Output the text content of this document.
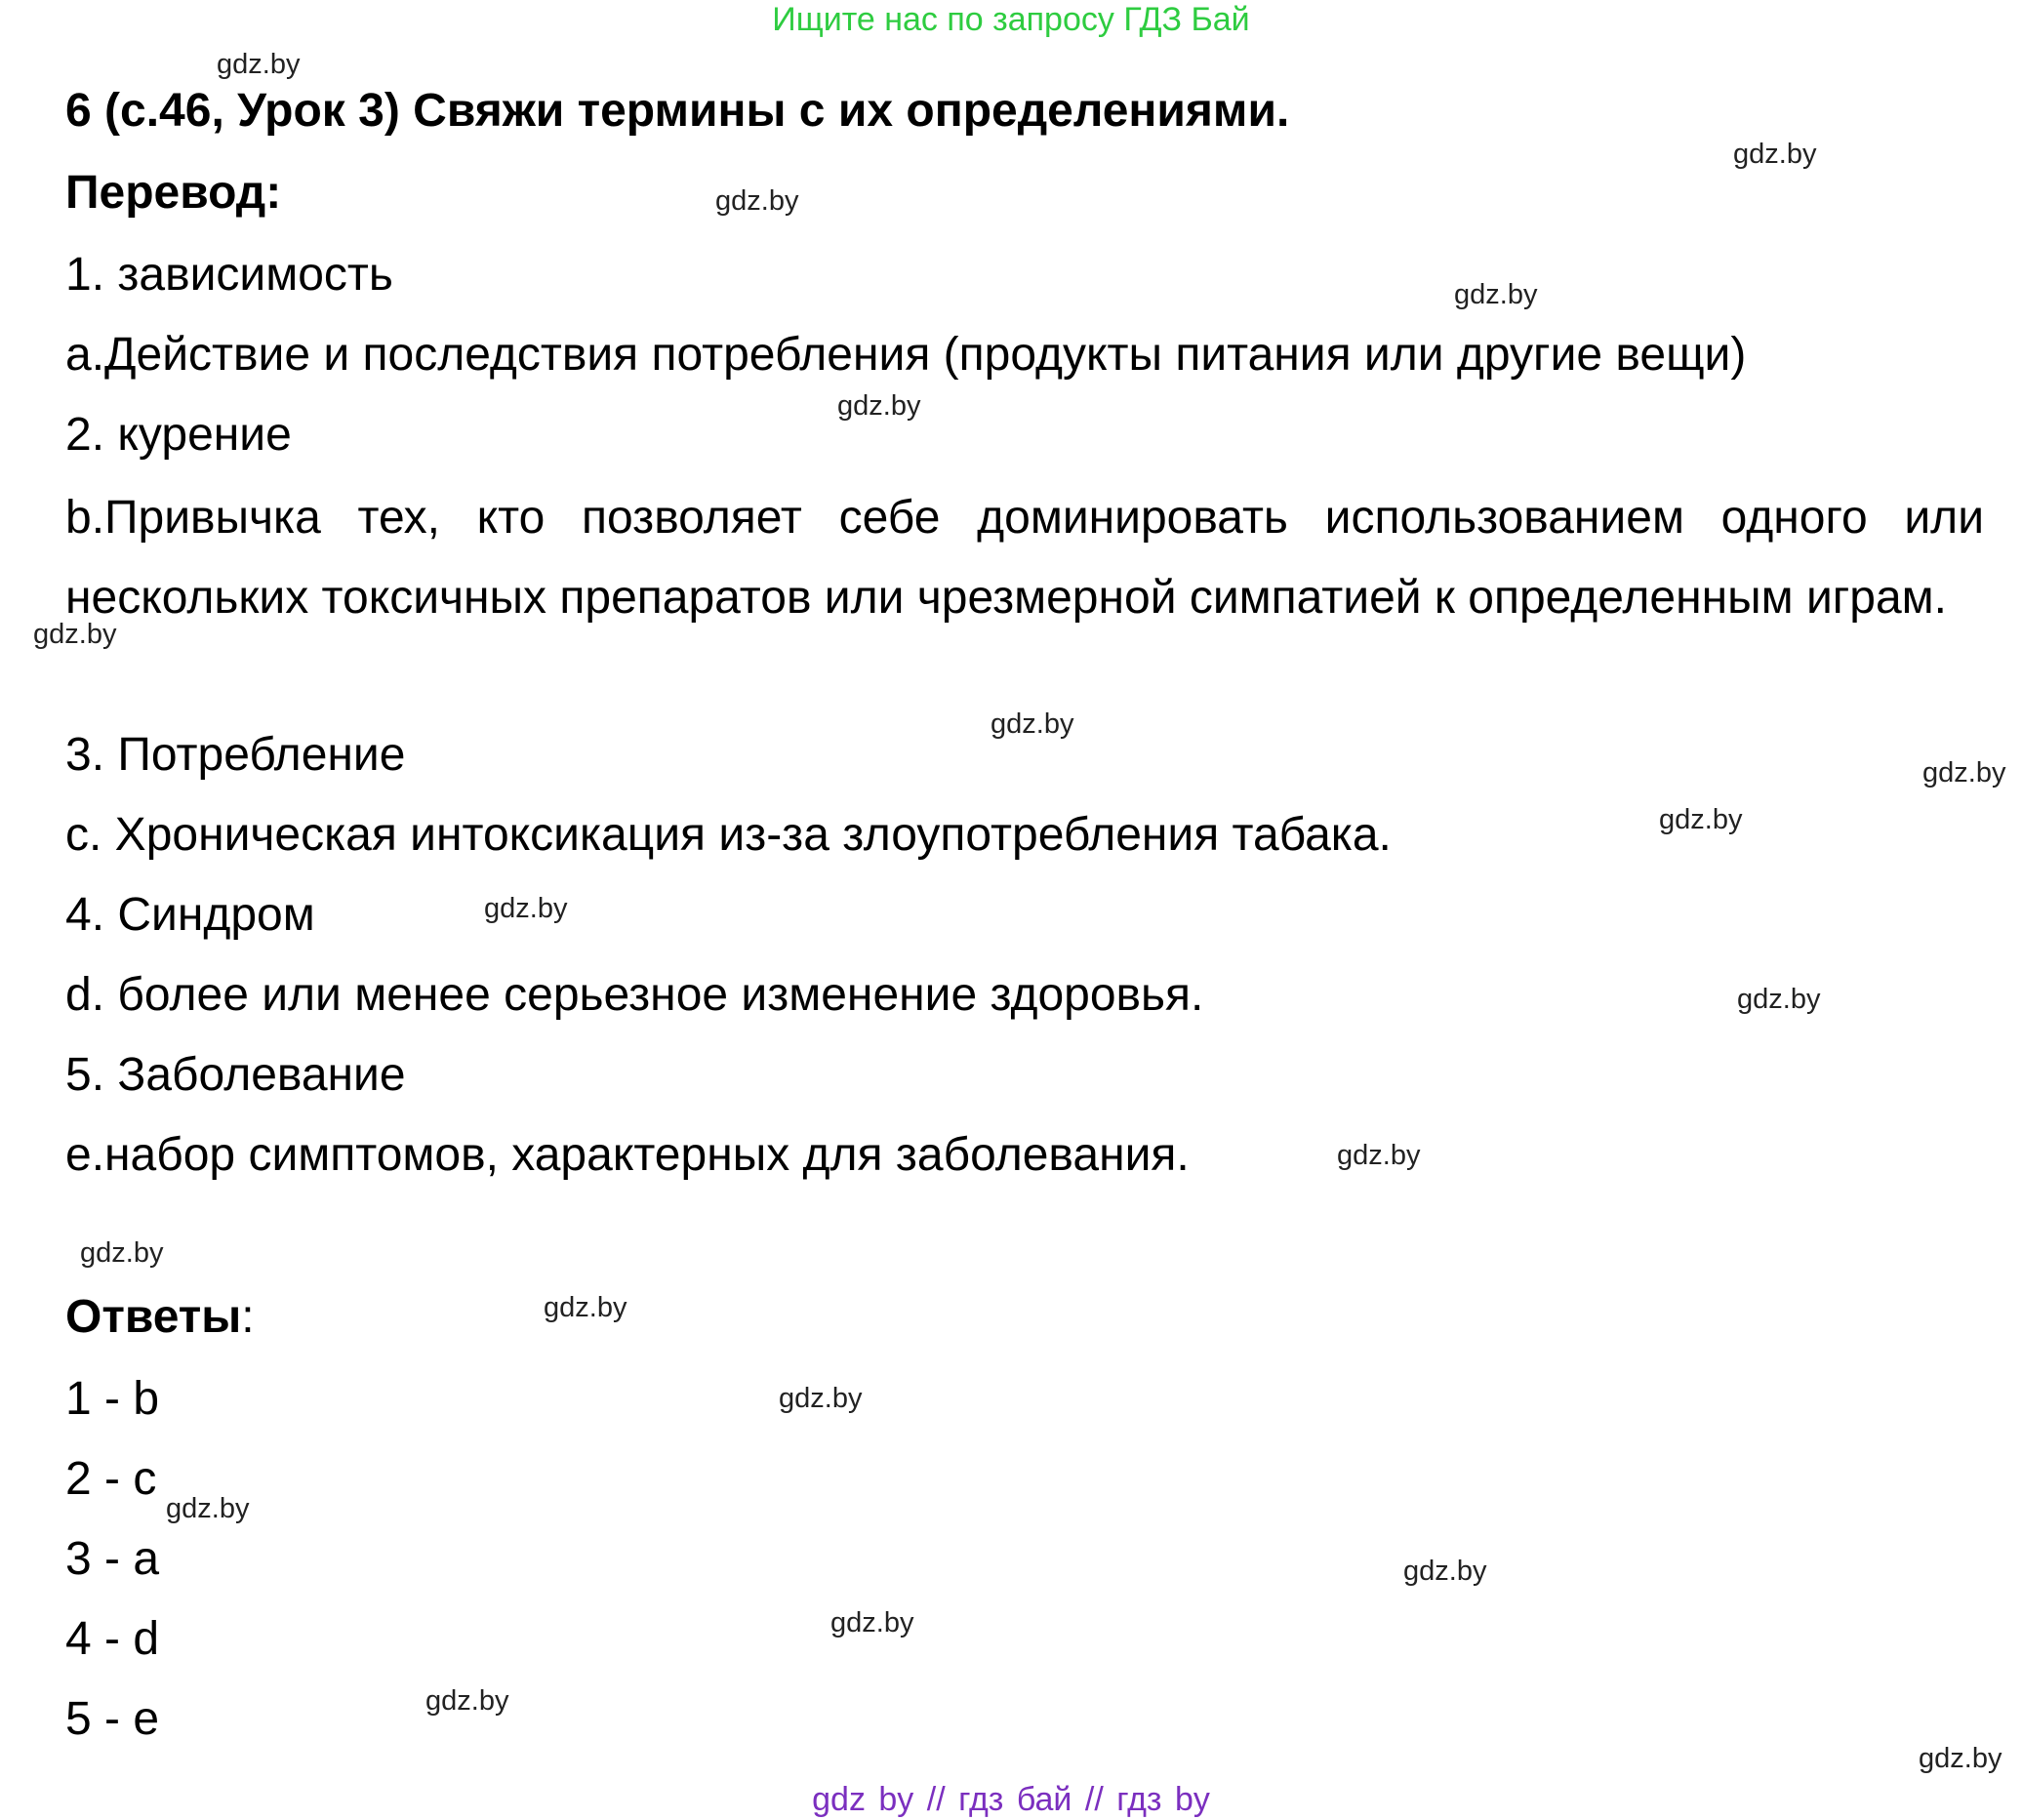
Ищите нас по запросу ГДЗ Бай
6 (с.46, Урок 3) Свяжи термины с их определениями.
Перевод:
1. зависимость
a.Действие и последствия потребления (продукты питания или другие вещи)
2. курение
b.Привычка тех, кто позволяет себе доминировать использованием одного или нескольких токсичных препаратов или чрезмерной симпатией к определенным играм.
3. Потребление
c. Хроническая интоксикация из-за злоупотребления табака.
4. Синдром
d. более или менее серьезное изменение здоровья.
5. Заболевание
e.набор симптомов, характерных для заболевания.
Ответы:
1 - b
2 - c
3 - a
4 - d
5 - e
gdz.by
gdz.by
gdz.by
gdz.by
gdz.by
gdz.by
gdz.by
gdz.by
gdz.by
gdz.by
gdz.by
gdz.by
gdz.by
gdz.by
gdz.by
gdz.by
gdz.by
gdz.by
gdz.by
gdz.by
gdz by // гдз бай // гдз by
